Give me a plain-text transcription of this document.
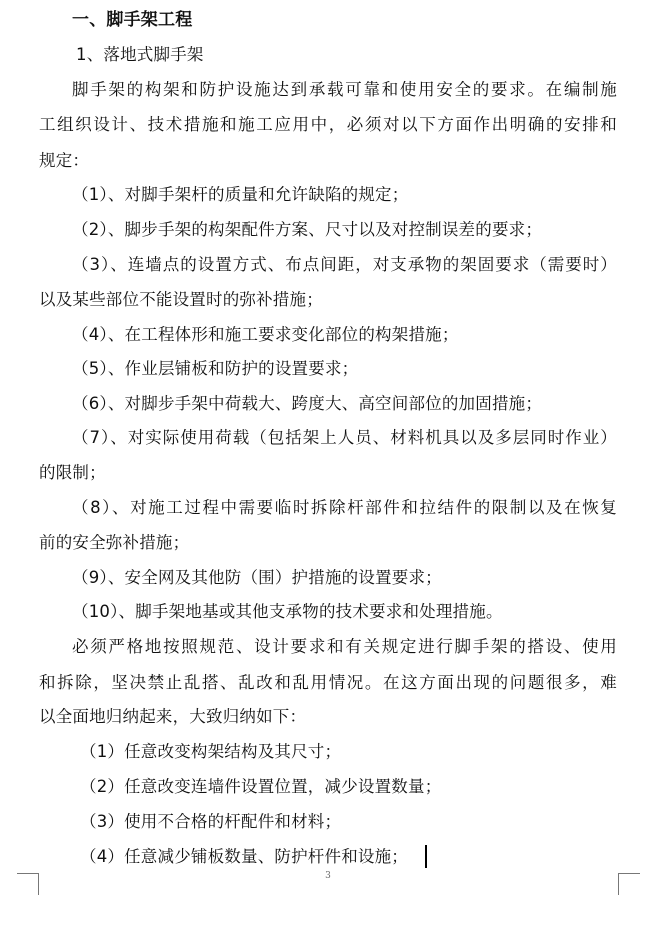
一、脚手架工程
1、落地式脚手架
脚手架的构架和防护设施达到承载可靠和使用安全的要求。在编制施
工组织设计、技术措施和施工应用中，必须对以下方面作出明确的安排和
规定：
（1）、对脚手架杆的质量和允许缺陷的规定；
（2）、脚步手架的构架配件方案、尺寸以及对控制误差的要求；
（3）、连墙点的设置方式、布点间距，对支承物的架固要求（需要时）
以及某些部位不能设置时的弥补措施；
（4）、在工程体形和施工要求变化部位的构架措施；
（5）、作业层铺板和防护的设置要求；
（6）、对脚步手架中荷载大、跨度大、高空间部位的加固措施；
（7）、对实际使用荷载（包括架上人员、材料机具以及多层同时作业）
的限制；
（8）、对施工过程中需要临时拆除杆部件和拉结件的限制以及在恢复
前的安全弥补措施；
（9）、安全网及其他防（围）护措施的设置要求；
（10）、脚手架地基或其他支承物的技术要求和处理措施。
必须严格地按照规范、设计要求和有关规定进行脚手架的搭设、使用
和拆除，坚决禁止乱搭、乱改和乱用情况。在这方面出现的问题很多，难
以全面地归纳起来，大致归纳如下：
（1）任意改变构架结构及其尺寸；
（2）任意改变连墙件设置位置，减少设置数量；
（3）使用不合格的杆配件和材料；
（4）任意减少铺板数量、防护杆件和设施；
3
